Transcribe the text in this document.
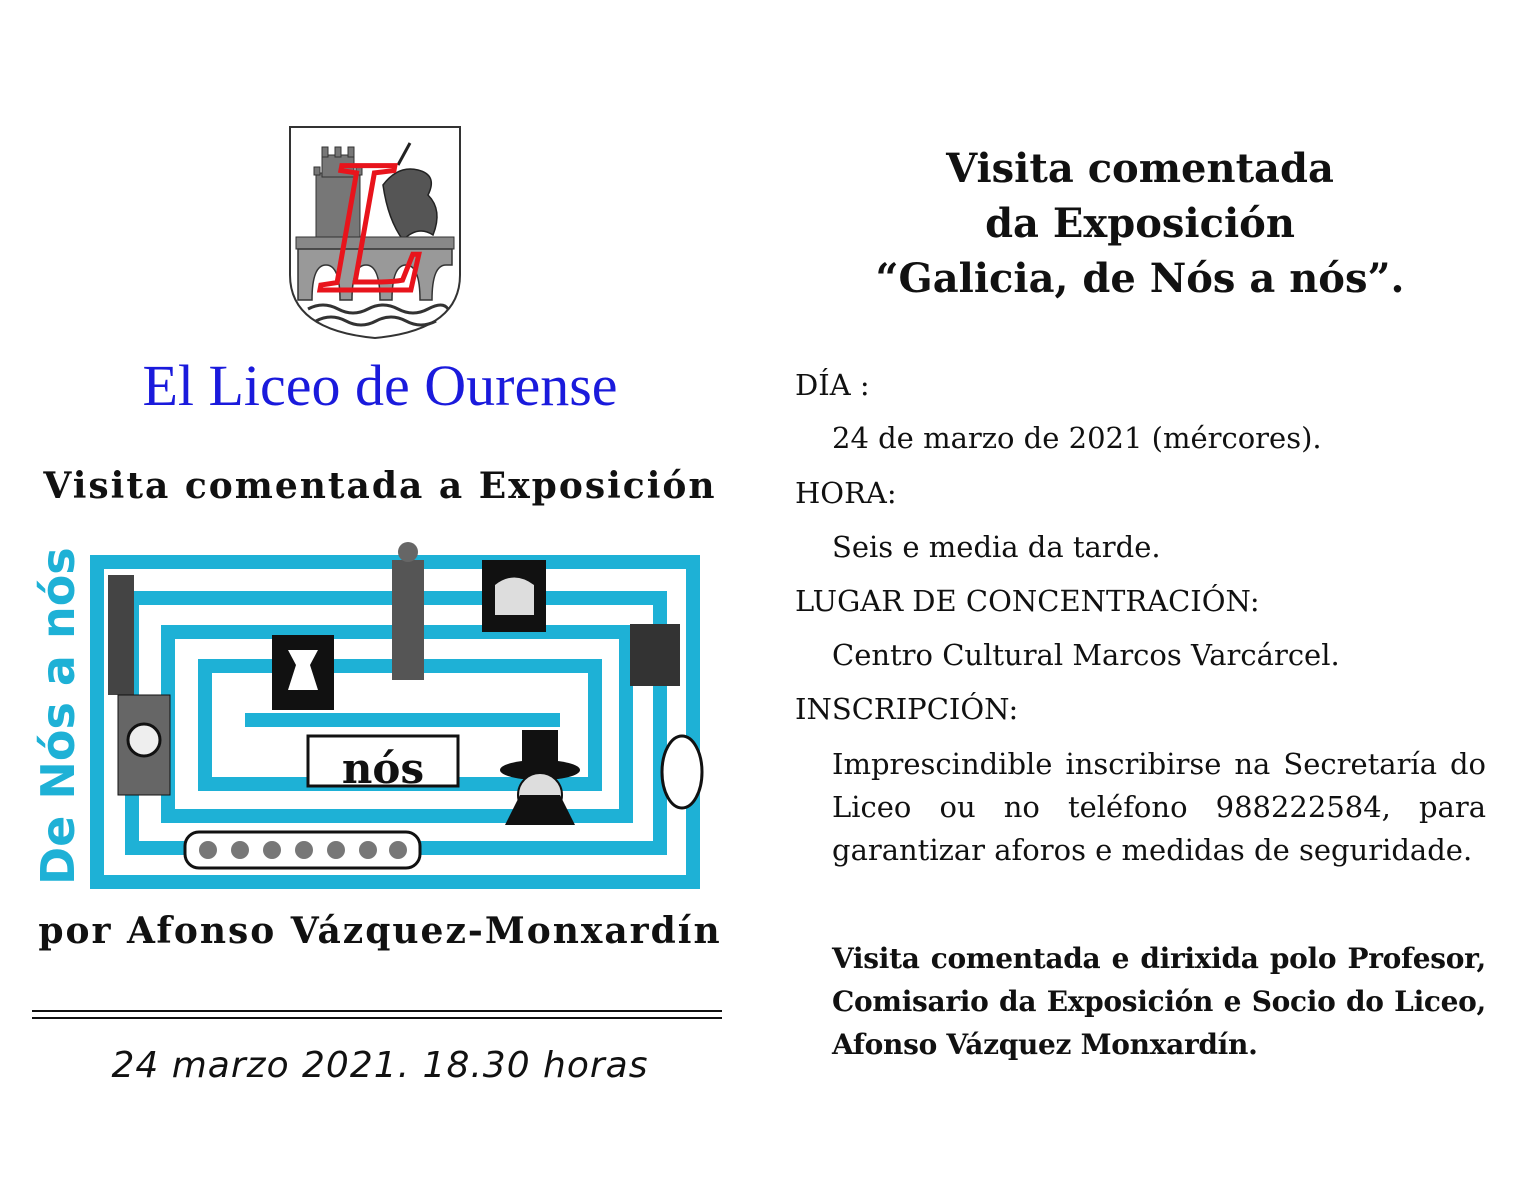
L
El Liceo de Ourense
Visita comentada a Exposición
De Nós a nós	nós
por Afonso Vázquez-Monxardín
24 marzo 2021. 18.30 horas
Visita comentada
da Exposición
“Galicia, de Nós a nós”.
DÍA :
24 de marzo de 2021 (mércores).
HORA:
Seis e media da tarde.
LUGAR DE CONCENTRACIÓN:
Centro Cultural Marcos Varcárcel.
INSCRIPCIÓN:
Imprescindible inscribirse na Secretaría do Liceo ou no teléfono 988222584, para garantizar aforos e medidas de seguridade.
Visita comentada e dirixida polo Profesor, Comisario da Exposición e Socio do Liceo, Afonso Vázquez Monxardín.
